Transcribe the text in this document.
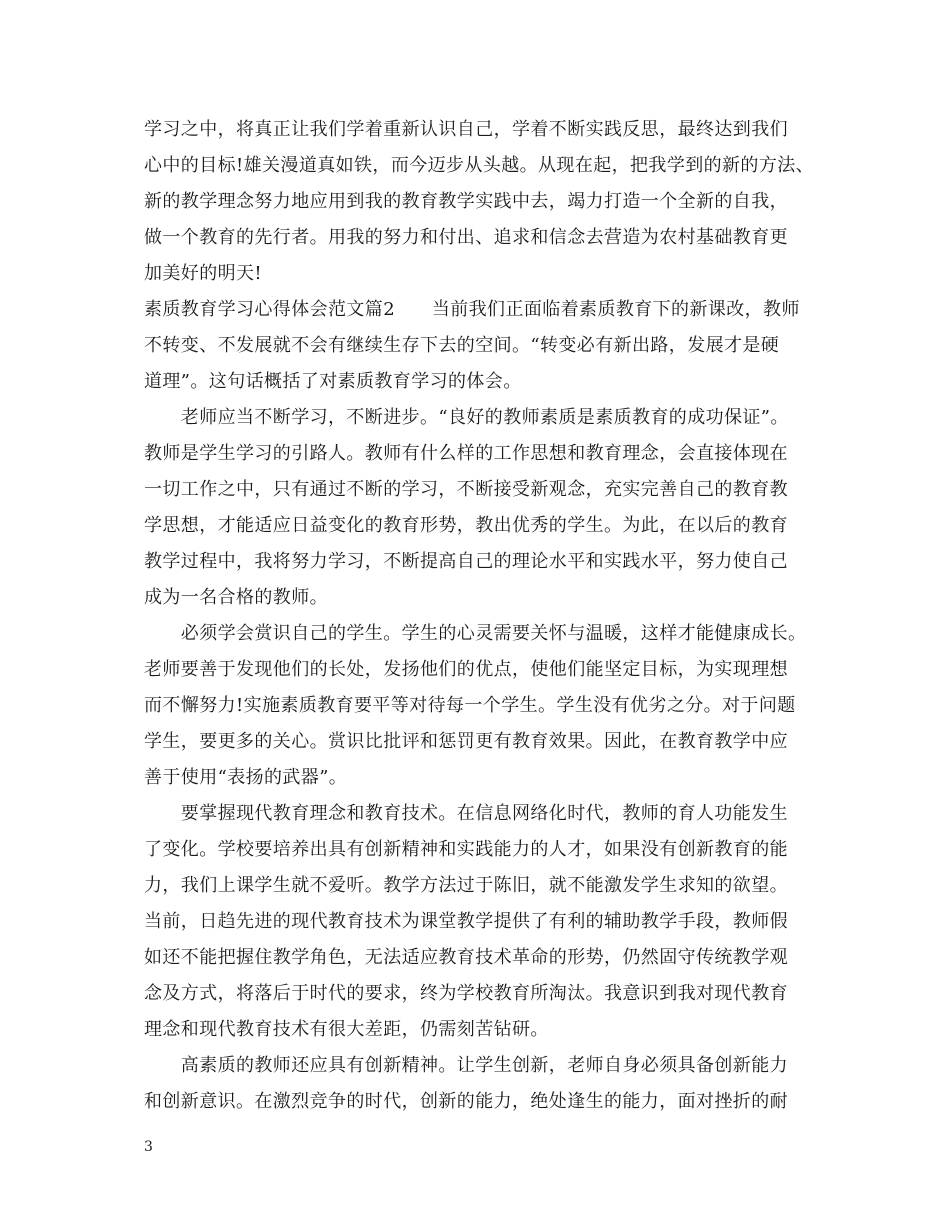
学习之中，将真正让我们学着重新认识自己，学着不断实践反思，最终达到我们
心中的目标!雄关漫道真如铁，而今迈步从头越。从现在起，把我学到的新的方法、
新的教学理念努力地应用到我的教育教学实践中去，竭力打造一个全新的自我，
做一个教育的先行者。用我的努力和付出、追求和信念去营造为农村基础教育更
加美好的明天!
素质教育学习心得体会范文篇2　　当前我们正面临着素质教育下的新课改，教师
不转变、不发展就不会有继续生存下去的空间。“转变必有新出路，发展才是硬
道理”。这句话概括了对素质教育学习的体会。
　　老师应当不断学习，不断进步。“良好的教师素质是素质教育的成功保证”。
教师是学生学习的引路人。教师有什么样的工作思想和教育理念，会直接体现在
一切工作之中，只有通过不断的学习，不断接受新观念，充实完善自己的教育教
学思想，才能适应日益变化的教育形势，教出优秀的学生。为此，在以后的教育
教学过程中，我将努力学习，不断提高自己的理论水平和实践水平，努力使自己
成为一名合格的教师。
　　必须学会赏识自己的学生。学生的心灵需要关怀与温暖，这样才能健康成长。
老师要善于发现他们的长处，发扬他们的优点，使他们能坚定目标，为实现理想
而不懈努力!实施素质教育要平等对待每一个学生。学生没有优劣之分。对于问题
学生，要更多的关心。赏识比批评和惩罚更有教育效果。因此，在教育教学中应
善于使用“表扬的武器”。
　　要掌握现代教育理念和教育技术。在信息网络化时代，教师的育人功能发生
了变化。学校要培养出具有创新精神和实践能力的人才，如果没有创新教育的能
力，我们上课学生就不爱听。教学方法过于陈旧，就不能激发学生求知的欲望。
当前，日趋先进的现代教育技术为课堂教学提供了有利的辅助教学手段，教师假
如还不能把握住教学角色，无法适应教育技术革命的形势，仍然固守传统教学观
念及方式，将落后于时代的要求，终为学校教育所淘汰。我意识到我对现代教育
理念和现代教育技术有很大差距，仍需刻苦钻研。
　　高素质的教师还应具有创新精神。让学生创新，老师自身必须具备创新能力
和创新意识。在激烈竞争的时代，创新的能力，绝处逢生的能力，面对挫折的耐
3
